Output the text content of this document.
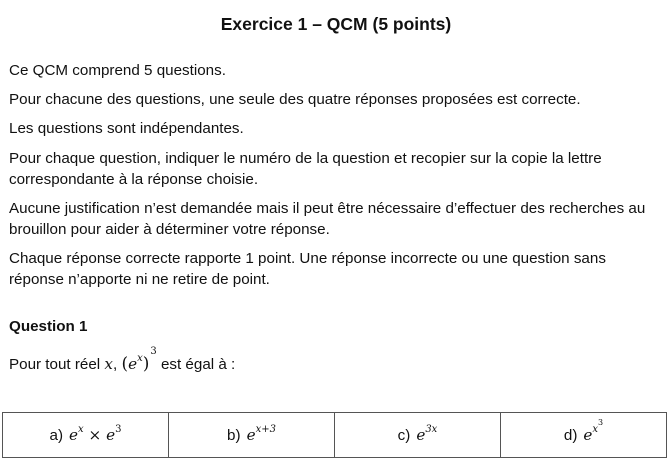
Exercice 1 – QCM (5 points)
Ce QCM comprend 5 questions.
Pour chacune des questions, une seule des quatre réponses proposées est correcte.
Les questions sont indépendantes.
Pour chaque question, indiquer le numéro de la question et recopier sur la copie la lettre correspondante à la réponse choisie.
Aucune justification n’est demandée mais il peut être nécessaire d’effectuer des recherches au brouillon pour aider à déterminer votre réponse.
Chaque réponse correcte rapporte 1 point. Une réponse incorrecte ou une question sans réponse n’apporte ni ne retire de point.
Question 1
Pour tout réel x, $(e^x)^3$ est égal à :
a) $e^x \times e^3$	b) $e^{x+3}$	c) $e^{3x}$	d) $e^{x3}$
